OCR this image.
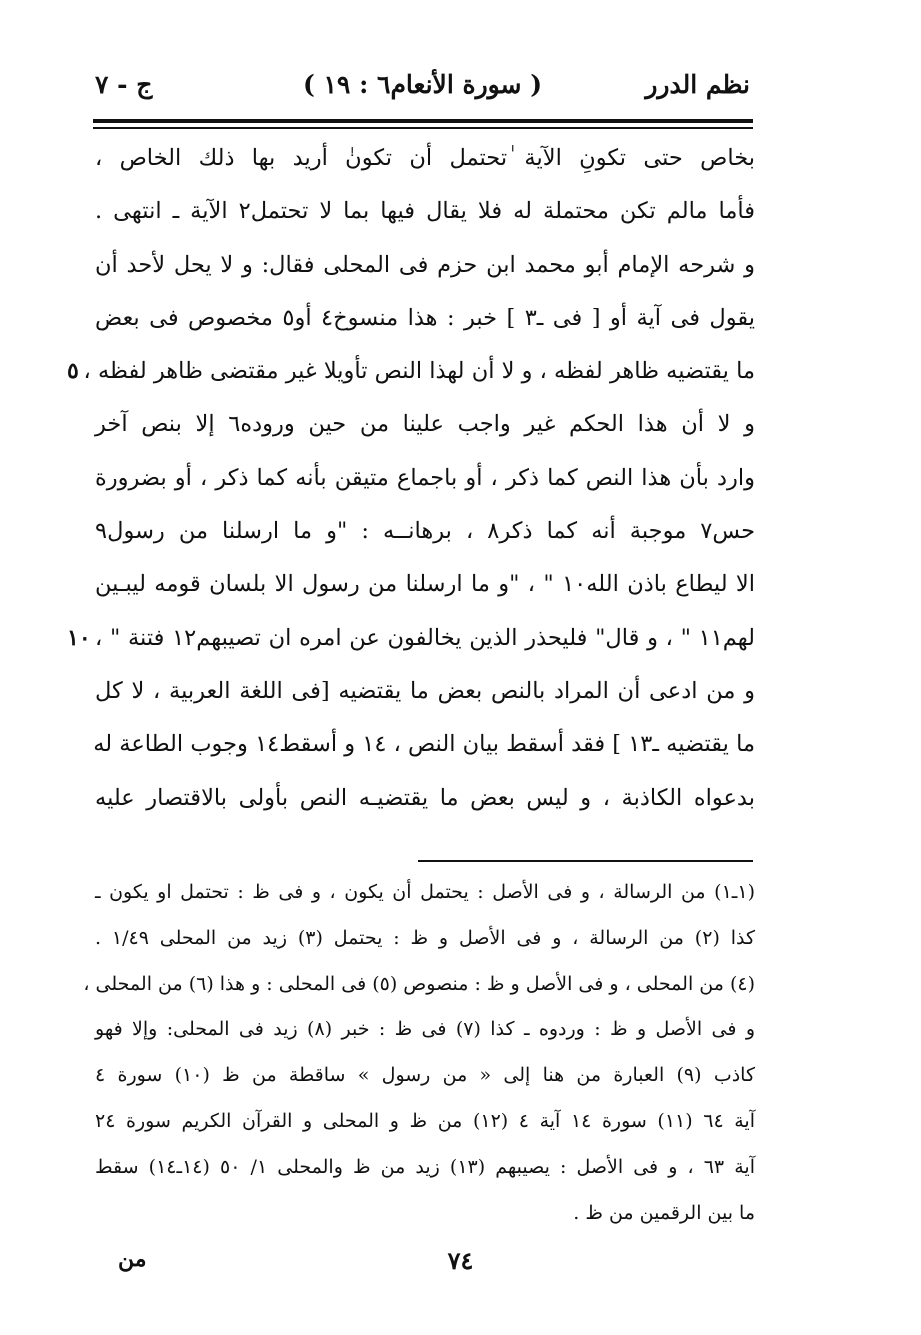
نظم الدرر
( سورة الأنعام٦ : ١٩ )
ج - ٧
بخاص حتى تكونِ الآية ٰتحتمل أن تكونٰ أريد بها ذلك الخاص ،
فأما مالم تكن محتملة له فلا يقال فيها بما لا تحتمل٢ الآية ـ انتهى .
و شرحه الإمام أبو محمد ابن حزم فى المحلى فقال: و لا يحل لأحد أن
يقول فى آية أو [ فى ـ٣ ] خبر : هذا منسوخ٤ أو٥ مخصوص فى بعض
ما يقتضيه ظاهر لفظه ، و لا أن لهذا النص تأويلا غير مقتضى ظاهر لفظه ،
٥
و لا أن هذا الحكم غير واجب علينا من حين وروده٦ إلا بنص آخر
وارد بأن هذا النص كما ذكر ، أو باجماع متيقن بأنه كما ذكر ، أو بضرورة
حس٧ موجبة أنه كما ذكر٨ ، برهانــه : "و ما ارسلنا من رسول٩
الا ليطاع باذن الله١٠ " ، "و ما ارسلنا من رسول الا بلسان قومه ليبـين
لهم١١ " ، و قال" فليحذر الذين يخالفون عن امره ان تصيبهم١٢ فتنة " ،
١٠
و من ادعى أن المراد بالنص بعض ما يقتضيه [فى اللغة العربية ، لا كل
ما يقتضيه ـ١٣ ] فقد أسقط بيان النص ، ١٤ و أسقط١٤ وجوب الطاعة له
بدعواه الكاذبة ، و ليس بعض ما يقتضيـه النص بأولى بالاقتصار عليه
(١ـ١) من الرسالة ، و فى الأصل : يحتمل أن يكون ، و فى ظ : تحتمل او يكون ـ
كذا (٢) من الرسالة ، و فى الأصل و ظ : يحتمل (٣) زيد من المحلى ١/٤٩ .
(٤) من المحلى ، و فى الأصل و ظ : منصوص (٥) فى المحلى : و هذا (٦) من المحلى ،
و فى الأصل و ظ : وردوه ـ كذا (٧) فى ظ : خبر (٨) زيد فى المحلى: وإلا فهو
كاذب (٩) العبارة من هنا إلى « من رسول » ساقطة من ظ (١٠) سورة ٤
آية ٦٤ (١١) سورة ١٤ آية ٤ (١٢) من ظ و المحلى و القرآن الكريم سورة ٢٤
آية ٦٣ ، و فى الأصل : يصيبهم (١٣) زيد من ظ والمحلى ١/ ٥٠ (١٤ـ١٤) سقط
ما بين الرقمين من ظ .
٧٤
من
